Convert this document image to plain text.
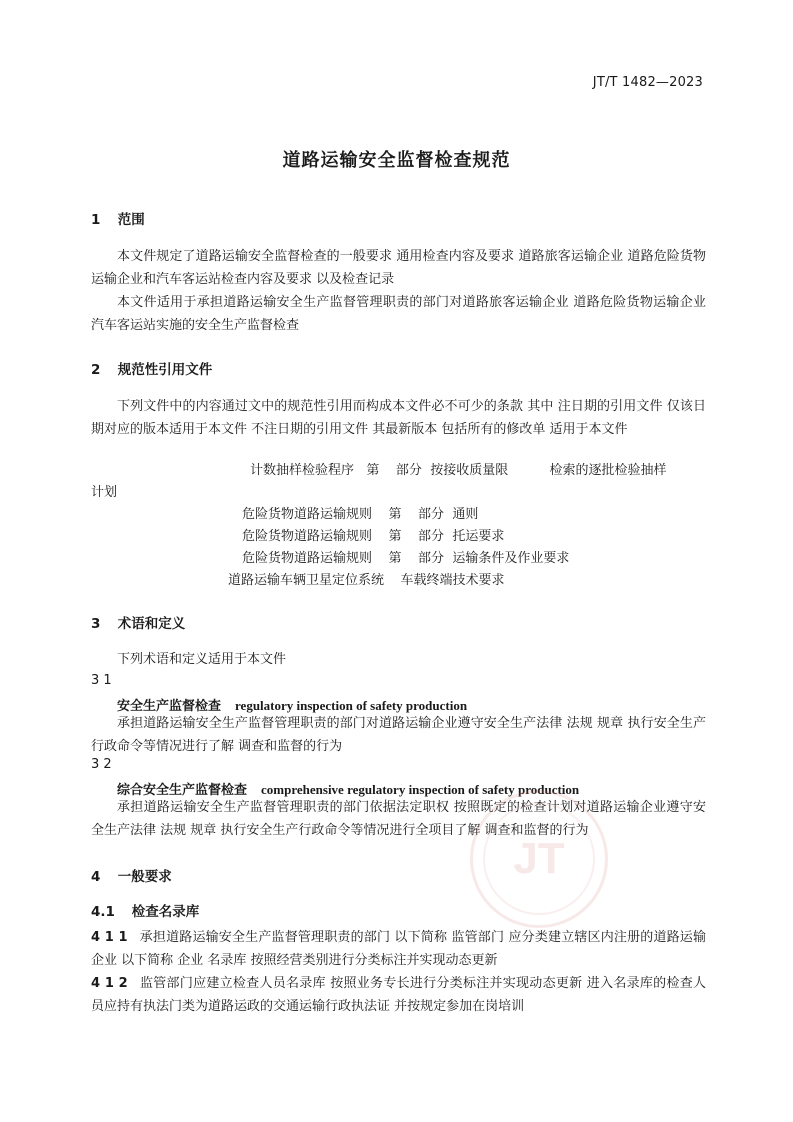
JT/T 1482—2023
道路运输安全监督检查规范
1 范围

本文件规定了道路运输安全监督检查的一般要求 通用检查内容及要求 道路旅客运输企业 道路危险货物运输企业和汽车客运站检查内容及要求 以及检查记录

本文件适用于承担道路运输安全生产监督管理职责的部门对道路旅客运输企业 道路危险货物运输企业 汽车客运站实施的安全生产监督检查

2 规范性引用文件

下列文件中的内容通过文中的规范性引用而构成本文件必不可少的条款 其中 注日期的引用文件 仅该日期对应的版本适用于本文件 不注日期的引用文件 其最新版本 包括所有的修改单 适用于本文件

计数抽样检验程序   第    部分  按接收质量限          检索的逐批检验抽样
计划
危险货物道路运输规则    第    部分  通则
危险货物道路运输规则    第    部分  托运要求
危险货物道路运输规则    第    部分  运输条件及作业要求
道路运输车辆卫星定位系统    车载终端技术要求
3 术语和定义
下列术语和定义适用于本文件
3 1
安全生产监督检查 regulatory inspection of safety production

承担道路运输安全生产监督管理职责的部门对道路运输企业遵守安全生产法律 法规 规章 执行安全生产行政命令等情况进行了解 调查和监督的行为

3 2
综合安全生产监督检查 comprehensive regulatory inspection of safety production

承担道路运输安全生产监督管理职责的部门依据法定职权 按照既定的检查计划对道路运输企业遵守安全生产法律 法规 规章 执行安全生产行政命令等情况进行全项目了解 调查和监督的行为

4 一般要求
4.1 检查名录库

4 1 1 承担道路运输安全生产监督管理职责的部门 以下简称 监管部门 应分类建立辖区内注册的道路运输企业 以下简称 企业 名录库 按照经营类别进行分类标注并实现动态更新

4 1 2 监管部门应建立检查人员名录库 按照业务专长进行分类标注并实现动态更新 进入名录库的检查人员应持有执法门类为道路运政的交通运输行政执法证 并按规定参加在岗培训

JT
